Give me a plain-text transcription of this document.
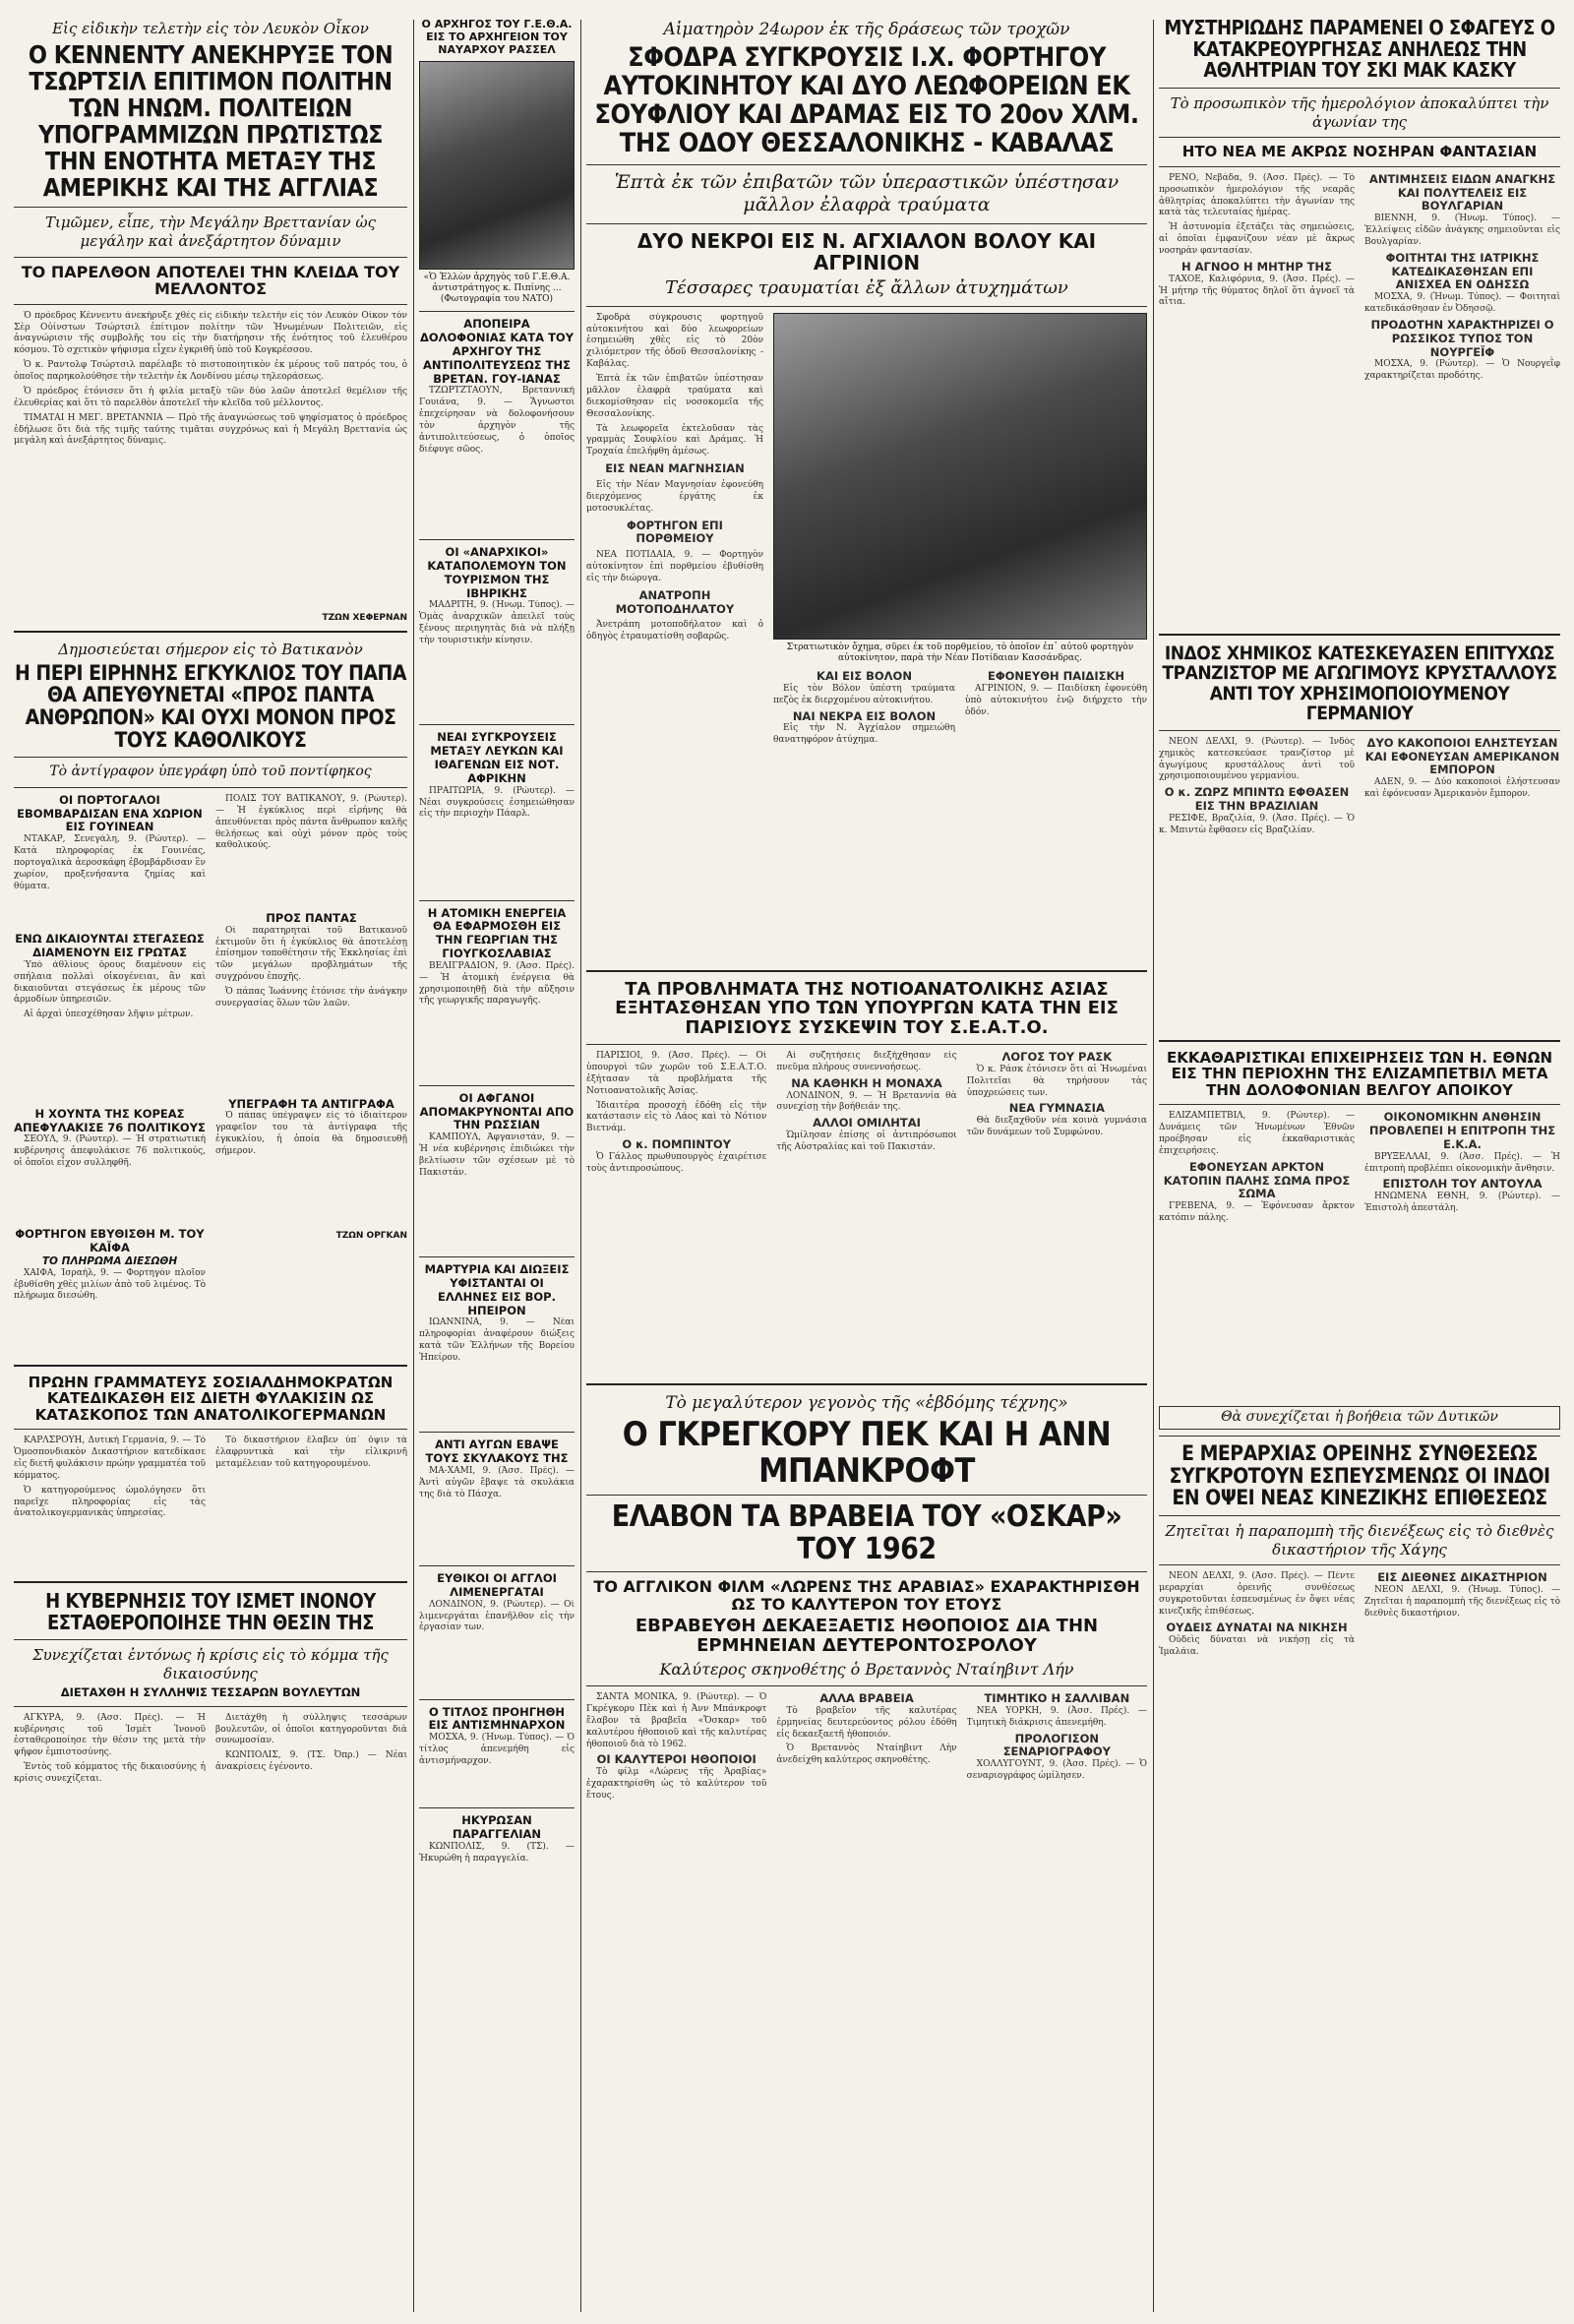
Εἰς εἰδικὴν τελετὴν εἰς τὸν Λευκὸν Οἶκον
Ο ΚΕΝΝΕΝΤΥ ΑΝΕΚΗΡΥΞΕ ΤΟΝ ΤΣΩΡΤΣΙΛ ΕΠΙΤΙΜΟΝ ΠΟΛΙΤΗΝ ΤΩΝ ΗΝΩΜ. ΠΟΛΙΤΕΙΩΝ ΥΠΟΓΡΑΜΜΙΖΩΝ ΠΡΩΤΙΣΤΩΣ ΤΗΝ ΕΝΟΤΗΤΑ ΜΕΤΑΞΥ ΤΗΣ ΑΜΕΡΙΚΗΣ ΚΑΙ ΤΗΣ ΑΓΓΛΙΑΣ
Τιμῶμεν, εἶπε, τὴν Μεγάλην Βρεττανίαν ὡς μεγάλην καὶ ἀνεξάρτητον δύναμιν
ΤΟ ΠΑΡΕΛΘΟΝ ΑΠΟΤΕΛΕΙ ΤΗΝ ΚΛΕΙΔΑ ΤΟΥ ΜΕΛΛΟΝΤΟΣ

Ὁ πρόεδρος Κέννεντυ ἀνεκήρυξε χθὲς εἰς εἰδικὴν τελετὴν εἰς τὸν Λευκὸν Οἶκον τὸν Σὲρ Οὐίνστων Τσώρτσιλ ἐπίτιμον πολίτην τῶν Ἡνωμένων Πολιτειῶν, εἰς ἀναγνώρισιν τῆς συμβολῆς του εἰς τὴν διατήρησιν τῆς ἐνότητος τοῦ ἐλευθέρου κόσμου. Τὸ σχετικὸν ψήφισμα εἶχεν ἐγκριθῆ ὑπὸ τοῦ Κογκρέσσου.

Ὁ κ. Ραντολφ Τσώρτσιλ παρέλαβε τὸ πιστοποιητικὸν ἐκ μέρους τοῦ πατρός του, ὁ ὁποῖος παρηκολούθησε τὴν τελετὴν ἐκ Λονδίνου μέσῳ τηλεοράσεως.

Ὁ πρόεδρος ἐτόνισεν ὅτι ἡ φιλία μεταξὺ τῶν δύο λαῶν ἀποτελεῖ θεμέλιον τῆς ἐλευθερίας καὶ ὅτι τὸ παρελθὸν ἀποτελεῖ τὴν κλεῖδα τοῦ μέλλοντος.

ΤΙΜΑΤΑΙ Η ΜΕΓ. ΒΡΕΤΑΝΝΙΑ — Πρὸ τῆς ἀναγνώσεως τοῦ ψηφίσματος ὁ πρόεδρος ἐδήλωσε ὅτι διὰ τῆς τιμῆς ταύτης τιμᾶται συγχρόνως καὶ ἡ Μεγάλη Βρεττανία ὡς μεγάλη καὶ ἀνεξάρτητος δύναμις.

ΤΖΩΝ ΧΕΦΕΡΝΑΝ
Δημοσιεύεται σήμερον εἰς τὸ Βατικανὸν
Η ΠΕΡΙ ΕΙΡΗΝΗΣ ΕΓΚΥΚΛΙΟΣ ΤΟΥ ΠΑΠΑ ΘΑ ΑΠΕΥΘΥΝΕΤΑΙ «ΠΡΟΣ ΠΑΝΤΑ ΑΝΘΡΩΠΟΝ» ΚΑΙ ΟΥΧΙ ΜΟΝΟΝ ΠΡΟΣ ΤΟΥΣ ΚΑΘΟΛΙΚΟΥΣ
Τὸ ἀντίγραφον ὑπεγράφη ὑπὸ τοῦ ποντίφηκος
ΟΙ ΠΟΡΤΟΓΑΛΟΙ ΕΒΟΜΒΑΡΔΙΣΑΝ ΕΝΑ ΧΩΡΙΟΝ ΕΙΣ ΓΟΥΙΝΕΑΝ

ΝΤΑΚΑΡ, Σενεγάλη, 9. (Ρώυτερ). — Κατὰ πληροφορίας ἐκ Γουινέας, πορτογαλικὰ ἀεροσκάφη ἐβομβάρδισαν ἓν χωρίον, προξενήσαντα ζημίας καὶ θύματα.

ΕΝΩ ΔΙΚΑΙΟΥΝΤΑΙ ΣΤΕΓΑΣΕΩΣ ΔΙΑΜΕΝΟΥΝ ΕΙΣ ΓΡΩΤΑΣ

Ὑπὸ ἀθλίους ὅρους διαμένουν εἰς σπήλαια πολλαὶ οἰκογένειαι, ἂν καὶ δικαιοῦνται στεγάσεως ἐκ μέρους τῶν ἁρμοδίων ὑπηρεσιῶν.

Αἱ ἀρχαὶ ὑπεσχέθησαν λῆψιν μέτρων.

Η ΧΟΥΝΤΑ ΤΗΣ ΚΟΡΕΑΣ ΑΠΕΦΥΛΑΚΙΣΕ 76 ΠΟΛΙΤΙΚΟΥΣ

ΣΕΟΥΛ, 9. (Ρώυτερ). — Ἡ στρατιωτικὴ κυβέρνησις ἀπεφυλάκισε 76 πολιτικούς, οἱ ὁποῖοι εἶχον συλληφθῆ.

ΦΟΡΤΗΓΟΝ ΕΒΥΘΙΣΘΗ Μ. ΤΟΥ ΚΑΪΦΑ
ΤΟ ΠΛΗΡΩΜΑ ΔΙΕΣΩΘΗ

ΧΑΙΦΑ, Ἰσραήλ, 9. — Φορτηγὸν πλοῖον ἐβυθίσθη χθὲς μιλίων ἀπὸ τοῦ λιμένος. Τὸ πλήρωμα διεσώθη.

ΠΟΛΙΣ ΤΟΥ ΒΑΤΙΚΑΝΟΥ, 9. (Ρώυτερ). — Ἡ ἐγκύκλιος περὶ εἰρήνης θὰ ἀπευθύνεται πρὸς πάντα ἄνθρωπον καλῆς θελήσεως καὶ οὐχὶ μόνον πρὸς τοὺς καθολικούς.

ΠΡΟΣ ΠΑΝΤΑΣ

Οἱ παρατηρηταὶ τοῦ Βατικανοῦ ἐκτιμοῦν ὅτι ἡ ἐγκύκλιος θὰ ἀποτελέσῃ ἐπίσημον τοποθέτησιν τῆς Ἐκκλησίας ἐπὶ τῶν μεγάλων προβλημάτων τῆς συγχρόνου ἐποχῆς.

Ὁ πάπας Ἰωάννης ἐτόνισε τὴν ἀνάγκην συνεργασίας ὅλων τῶν λαῶν.

ΥΠΕΓΡΑΦΗ ΤΑ ΑΝΤΙΓΡΑΦΑ

Ὁ πάπας ὑπέγραψεν εἰς τὸ ἰδιαίτερον γραφεῖον του τὰ ἀντίγραφα τῆς ἐγκυκλίου, ἡ ὁποία θὰ δημοσιευθῇ σήμερον.

ΤΖΩΝ ΟΡΓΚΑΝ
ΠΡΩΗΝ ΓΡΑΜΜΑΤΕΥΣ ΣΟΣΙΑΛΔΗΜΟΚΡΑΤΩΝ ΚΑΤΕΔΙΚΑΣΘΗ ΕΙΣ ΔΙΕΤΗ ΦΥΛΑΚΙΣΙΝ ΩΣ ΚΑΤΑΣΚΟΠΟΣ ΤΩΝ ΑΝΑΤΟΛΙΚΟΓΕΡΜΑΝΩΝ

ΚΑΡΛΣΡΟΥΗ, Δυτική Γερμανία, 9. — Τὸ Ὁμοσπονδιακὸν Δικαστήριον κατεδίκασε εἰς διετῆ φυλάκισιν πρώην γραμματέα τοῦ κόμματος.

Ὁ κατηγορούμενος ὡμολόγησεν ὅτι παρεῖχε πληροφορίας εἰς τὰς ἀνατολικογερμανικὰς ὑπηρεσίας.

Τὸ δικαστήριον ἔλαβεν ὑπ᾽ ὄψιν τὰ ἐλαφρυντικὰ καὶ τὴν εἰλικρινῆ μεταμέλειαν τοῦ κατηγορουμένου.

Η ΚΥΒΕΡΝΗΣΙΣ ΤΟΥ ΙΣΜΕΤ ΙΝΟΝΟΥ ΕΣΤΑΘΕΡΟΠΟΙΗΣΕ ΤΗΝ ΘΕΣΙΝ ΤΗΣ
Συνεχίζεται ἐντόνως ἡ κρίσις εἰς τὸ κόμμα τῆς δικαιοσύνης
ΔΙΕΤΑΧΘΗ Η ΣΥΛΛΗΨΙΣ ΤΕΣΣΑΡΩΝ ΒΟΥΛΕΥΤΩΝ

ΑΓΚΥΡΑ, 9. (Ἀσσ. Πρές). — Ἡ κυβέρνησις τοῦ Ἰσμὲτ Ἰνονοῦ ἐσταθεροποίησε τὴν θέσιν της μετὰ τὴν ψῆφον ἐμπιστοσύνης.

Ἐντὸς τοῦ κόμματος τῆς δικαιοσύνης ἡ κρίσις συνεχίζεται.

Διετάχθη ἡ σύλληψις τεσσάρων βουλευτῶν, οἱ ὁποῖοι κατηγοροῦνται διὰ συνωμοσίαν.

ΚΩΝΠΟΛΙΣ, 9. (ΤΣ. Ὀπρ.) — Νέαι ἀνακρίσεις ἐγένοντο.

Ο ΑΡΧΗΓΟΣ ΤΟΥ Γ.Ε.Θ.Α. ΕΙΣ ΤΟ ΑΡΧΗΓΕΙΟΝ ΤΟΥ ΝΑΥΑΡΧΟΥ ΡΑΣΣΕΛ
«Ὁ Ἐλλὼν ἀρχηγὸς τοῦ Γ.Ε.Θ.Α. ἀντιστράτηγος κ. Πιπίνης ... (Φωτογραφία του ΝΑΤΟ)
ΑΠΟΠΕΙΡΑ ΔΟΛΟΦΟΝΙΑΣ ΚΑΤΑ ΤΟΥ ΑΡΧΗΓΟΥ ΤΗΣ ΑΝΤΙΠΟΛΙΤΕΥΣΕΩΣ ΤΗΣ ΒΡΕΤΑΝ. ΓΟΥ-ΙΑΝΑΣ

ΤΖΩΡΤΖΤΑΟΥΝ, Βρεταννική Γουιάνα, 9. — Ἄγνωστοι ἐπεχείρησαν νὰ δολοφονήσουν τὸν ἀρχηγὸν τῆς ἀντιπολιτεύσεως, ὁ ὁποῖος διέφυγε σῶος.

ΟΙ «ΑΝΑΡΧΙΚΟΙ» ΚΑΤΑΠΟΛΕΜΟΥΝ ΤΟΝ ΤΟΥΡΙΣΜΟΝ ΤΗΣ ΙΒΗΡΙΚΗΣ

ΜΑΔΡΙΤΗ, 9. (Ἡνωμ. Τύπος). — Ὁμὰς ἀναρχικῶν ἀπειλεῖ τοὺς ξένους περιηγητὰς διὰ νὰ πλήξῃ τὴν τουριστικὴν κίνησιν.

ΝΕΑΙ ΣΥΓΚΡΟΥΣΕΙΣ ΜΕΤΑΞΥ ΛΕΥΚΩΝ ΚΑΙ ΙΘΑΓΕΝΩΝ ΕΙΣ ΝΟΤ. ΑΦΡΙΚΗΝ

ΠΡΑΙΤΩΡΙΑ, 9. (Ρώυτερ). — Νέαι συγκρούσεις ἐσημειώθησαν εἰς τὴν περιοχὴν Πάαρλ.

Η ΑΤΟΜΙΚΗ ΕΝΕΡΓΕΙΑ ΘΑ ΕΦΑΡΜΟΣΘΗ ΕΙΣ ΤΗΝ ΓΕΩΡΓΙΑΝ ΤΗΣ ΓΙΟΥΓΚΟΣΛΑΒΙΑΣ

ΒΕΛΙΓΡΑΔΙΟΝ, 9. (Ἀσσ. Πρές). — Ἡ ἀτομικὴ ἐνέργεια θὰ χρησιμοποιηθῇ διὰ τὴν αὔξησιν τῆς γεωργικῆς παραγωγῆς.

ΟΙ ΑΦΓΑΝΟΙ ΑΠΟΜΑΚΡΥΝΟΝΤΑΙ ΑΠΟ ΤΗΝ ΡΩΣΣΙΑΝ

ΚΑΜΠΟΥΛ, Ἀφγανιστάν, 9. — Ἡ νέα κυβέρνησις ἐπιδιώκει τὴν βελτίωσιν τῶν σχέσεων μὲ τὸ Πακιστάν.

ΜΑΡΤΥΡΙΑ ΚΑΙ ΔΙΩΞΕΙΣ ΥΦΙΣΤΑΝΤΑΙ ΟΙ ΕΛΛΗΝΕΣ ΕΙΣ ΒΟΡ. ΗΠΕΙΡΟΝ

ΙΩΑΝΝΙΝΑ, 9. — Νέαι πληροφορίαι ἀναφέρουν διώξεις κατὰ τῶν Ἑλλήνων τῆς Βορείου Ἠπείρου.

ΑΝΤΙ ΑΥΓΩΝ ΕΒΑΨΕ ΤΟΥΣ ΣΚΥΛΑΚΟΥΣ ΤΗΣ

ΜΑ-ΧΑΜΙ, 9. (Ἀσσ. Πρές). — Ἀντὶ αὐγῶν ἔβαψε τὰ σκυλάκια της διὰ τὸ Πάσχα.

ΕΥΘΙΚΟΙ ΟΙ ΑΓΓΛΟΙ ΛΙΜΕΝΕΡΓΑΤΑΙ

ΛΟΝΔΙΝΟΝ, 9. (Ρώυτερ). — Οἱ λιμενεργάται ἐπανῆλθον εἰς τὴν ἐργασίαν των.

Ο ΤΙΤΛΟΣ ΠΡΟΗΓΗΘΗ ΕΙΣ ΑΝΤΙΣΜΗΝΑΡΧΟΝ

ΜΟΣΧΑ, 9. (Ἡνωμ. Τύπος). — Ὁ τίτλος ἀπενεμήθη εἰς ἀντισμήναρχον.

ΗΚΥΡΩΣΑΝ ΠΑΡΑΓΓΕΛΙΑΝ

ΚΩΝΠΟΛΙΣ, 9. (ΤΣ). — Ἠκυρώθη ἡ παραγγελία.

Αἱματηρὸν 24ωρον ἐκ τῆς δράσεως τῶν τροχῶν
ΣΦΟΔΡΑ ΣΥΓΚΡΟΥΣΙΣ Ι.Χ. ΦΟΡΤΗΓΟΥ ΑΥΤΟΚΙΝΗΤΟΥ ΚΑΙ ΔΥΟ ΛΕΩΦΟΡΕΙΩΝ ΕΚ ΣΟΥΦΛΙΟΥ ΚΑΙ ΔΡΑΜΑΣ ΕΙΣ ΤΟ 20ον ΧΛΜ. ΤΗΣ ΟΔΟΥ ΘΕΣΣΑΛΟΝΙΚΗΣ - ΚΑΒΑΛΑΣ
Ἑπτὰ ἐκ τῶν ἐπιβατῶν τῶν ὑπεραστικῶν ὑπέστησαν μᾶλλον ἐλαφρὰ τραύματα
ΔΥΟ ΝΕΚΡΟΙ ΕΙΣ Ν. ΑΓΧΙΑΛΟΝ ΒΟΛΟΥ ΚΑΙ ΑΓΡΙΝΙΟΝ
Τέσσαρες τραυματίαι ἐξ ἄλλων ἀτυχημάτων

Σφοδρὰ σύγκρουσις φορτηγοῦ αὐτοκινήτου καὶ δύο λεωφορείων ἐσημειώθη χθὲς εἰς τὸ 20ὸν χιλιόμετρον τῆς ὁδοῦ Θεσσαλονίκης - Καβάλας.

Ἑπτὰ ἐκ τῶν ἐπιβατῶν ὑπέστησαν μᾶλλον ἐλαφρὰ τραύματα καὶ διεκομίσθησαν εἰς νοσοκομεῖα τῆς Θεσσαλονίκης.

Τὰ λεωφορεῖα ἐκτελοῦσαν τὰς γραμμὰς Σουφλίου καὶ Δράμας. Ἡ Τροχαία ἐπελήφθη ἀμέσως.

ΕΙΣ ΝΕΑΝ ΜΑΓΝΗΣΙΑΝ

Εἰς τὴν Νέαν Μαγνησίαν ἐφονεύθη διερχόμενος ἐργάτης ἐκ μοτοσυκλέτας.

ΦΟΡΤΗΓΟΝ ΕΠΙ ΠΟΡΘΜΕΙΟΥ

ΝΕΑ ΠΟΤΙΔΑΙΑ, 9. — Φορτηγὸν αὐτοκίνητον ἐπὶ πορθμείου ἐβυθίσθη εἰς τὴν διώρυγα.

ΑΝΑΤΡΟΠΗ ΜΟΤΟΠΟΔΗΛΑΤΟΥ

Ἀνετράπη μοτοποδήλατον καὶ ὁ ὁδηγὸς ἐτραυματίσθη σοβαρῶς.

Στρατιωτικὸν ὄχημα, σῦρει ἐκ τοῦ πορθμείου, τὸ ὁποῖον ἐπ᾽ αὐτοῦ φορτηγὸν αὐτοκίνητον, παρὰ τὴν Νέαν Ποτίδαιαν Κασσάνδρας.
ΚΑΙ ΕΙΣ ΒΟΛΟΝ

Εἰς τὸν Βόλον ὑπέστη τραύματα πεζὸς ἐκ διερχομένου αὐτοκινήτου.

ΝΑΙ ΝΕΚΡΑ ΕΙΣ ΒΟΛΟΝ

Εἰς τὴν Ν. Ἀγχίαλον σημειώθη θανατηφόρον ἀτύχημα.

ΕΦΟΝΕΥΘΗ ΠΑΙΔΙΣΚΗ

ΑΓΡΙΝΙΟΝ, 9. — Παιδίσκη ἐφονεύθη ὑπὸ αὐτοκινήτου ἐνῷ διήρχετο τὴν ὁδόν.

ΤΑ ΠΡΟΒΛΗΜΑΤΑ ΤΗΣ ΝΟΤΙΟΑΝΑΤΟΛΙΚΗΣ ΑΣΙΑΣ ΕΞΗΤΑΣΘΗΣΑΝ ΥΠΟ ΤΩΝ ΥΠΟΥΡΓΩΝ ΚΑΤΑ ΤΗΝ ΕΙΣ ΠΑΡΙΣΙΟΥΣ ΣΥΣΚΕΨΙΝ ΤΟΥ Σ.Ε.Α.Τ.Ο.

ΠΑΡΙΣΙΟΙ, 9. (Ἀσσ. Πρές). — Οἱ ὑπουργοὶ τῶν χωρῶν τοῦ Σ.Ε.Α.Τ.Ο. ἐξήτασαν τὰ προβλήματα τῆς Νοτιοανατολικῆς Ἀσίας.

Ἰδιαιτέρα προσοχὴ ἐδόθη εἰς τὴν κατάστασιν εἰς τὸ Λάος καὶ τὸ Νότιον Βιετνάμ.

Ο κ. ΠΟΜΠΙΝΤΟΥ

Ὁ Γάλλος πρωθυπουργὸς ἐχαιρέτισε τοὺς ἀντιπροσώπους.

Αἱ συζητήσεις διεξήχθησαν εἰς πνεῦμα πλήρους συνεννοήσεως.

ΝΑ ΚΑΘΗΚΗ Η ΜΟΝΑΧΑ

ΛΟΝΔΙΝΟΝ, 9. — Ἡ Βρεταννία θὰ συνεχίσῃ τὴν βοήθειάν της.

ΑΛΛΟΙ ΟΜΙΛΗΤΑΙ

Ὡμίλησαν ἐπίσης οἱ ἀντιπρόσωποι τῆς Αὐστραλίας καὶ τοῦ Πακιστάν.

ΛΟΓΟΣ ΤΟΥ ΡΑΣΚ

Ὁ κ. Ράσκ ἐτόνισεν ὅτι αἱ Ἡνωμέναι Πολιτεῖαι θὰ τηρήσουν τὰς ὑποχρεώσεις των.

ΝΕΑ ΓΥΜΝΑΣΙΑ

Θὰ διεξαχθοῦν νέα κοινὰ γυμνάσια τῶν δυνάμεων τοῦ Συμφώνου.

Τὸ μεγαλύτερον γεγονὸς τῆς «ἑβδόμης τέχνης»
Ο ΓΚΡΕΓΚΟΡΥ ΠΕΚ ΚΑΙ Η ΑΝΝ ΜΠΑΝΚΡΟΦΤ
ΕΛΑΒΟΝ ΤΑ ΒΡΑΒΕΙΑ ΤΟΥ «ΟΣΚΑΡ» ΤΟΥ 1962
ΤΟ ΑΓΓΛΙΚΟΝ ΦΙΛΜ «ΛΩΡΕΝΣ ΤΗΣ ΑΡΑΒΙΑΣ» ΕΧΑΡΑΚΤΗΡΙΣΘΗ ΩΣ ΤΟ ΚΑΛΥΤΕΡΟΝ ΤΟΥ ΕΤΟΥΣ
ΕΒΡΑΒΕΥΘΗ ΔΕΚΑΕΞΑΕΤΙΣ ΗΘΟΠΟΙΟΣ ΔΙΑ ΤΗΝ ΕΡΜΗΝΕΙΑΝ ΔΕΥΤΕΡΟΝΤΟΣΡΟΛΟΥ
Καλύτερος σκηνοθέτης ὁ Βρεταννὸς Νταίηβιντ Λήν

ΣΑΝΤΑ ΜΟΝΙΚΑ, 9. (Ρώυτερ). — Ὁ Γκρέγκορυ Πὲκ καὶ ἡ Ἀνν Μπάνκροφτ ἔλαβον τὰ βραβεῖα «Ὄσκαρ» τοῦ καλυτέρου ἠθοποιοῦ καὶ τῆς καλυτέρας ἠθοποιοῦ διὰ τὸ 1962.

ΟΙ ΚΑΛΥΤΕΡΟΙ ΗΘΟΠΟΙΟΙ

Τὸ φίλμ «Λώρενς τῆς Ἀραβίας» ἐχαρακτηρίσθη ὡς τὸ καλύτερον τοῦ ἔτους.

ΑΛΛΑ ΒΡΑΒΕΙΑ

Τὸ βραβεῖον τῆς καλυτέρας ἐρμηνείας δευτερεύοντος ρόλου ἐδόθη εἰς δεκαεξαετῆ ἠθοποιόν.

Ὁ Βρεταννὸς Νταίηβιντ Λὴν ἀνεδείχθη καλύτερος σκηνοθέτης.

ΤΙΜΗΤΙΚΟ Η ΣΑΛΛΙΒΑΝ

ΝΕΑ ΥΟΡΚΗ, 9. (Ἀσσ. Πρές). — Τιμητικὴ διάκρισις ἀπενεμήθη.

ΠΡΟΛΟΓΙΣΟΝ ΣΕΝΑΡΙΟΓΡΑΦΟΥ

ΧΟΛΛΥΓΟΥΝΤ, 9. (Ἀσσ. Πρές). — Ὁ σεναριογράφος ὡμίλησεν.

ΜΥΣΤΗΡΙΩΔΗΣ ΠΑΡΑΜΕΝΕΙ Ο ΣΦΑΓΕΥΣ Ο ΚΑΤΑΚΡΕΟΥΡΓΗΣΑΣ ΑΝΗΛΕΩΣ ΤΗΝ ΑΘΛΗΤΡΙΑΝ ΤΟΥ ΣΚΙ ΜΑΚ ΚΑΣΚΥ
Τὸ προσωπικὸν τῆς ἡμερολόγιον ἀποκαλύπτει τὴν ἀγωνίαν της
ΗΤΟ ΝΕΑ ΜΕ ΑΚΡΩΣ ΝΟΣΗΡΑΝ ΦΑΝΤΑΣΙΑΝ

ΡΕΝΟ, Νεβάδα, 9. (Ἀσσ. Πρές). — Τὸ προσωπικὸν ἡμερολόγιον τῆς νεαρᾶς ἀθλητρίας ἀποκαλύπτει τὴν ἀγωνίαν της κατὰ τὰς τελευταίας ἡμέρας.

Ἡ ἀστυνομία ἐξετάζει τὰς σημειώσεις, αἱ ὁποῖαι ἐμφανίζουν νέαν μὲ ἄκρως νοσηρὰν φαντασίαν.

Η ΑΓΝΟΟ Η ΜΗΤΗΡ ΤΗΣ

ΤΑΧΟΕ, Καλιφόρνια, 9. (Ἀσσ. Πρές). — Ἡ μήτηρ τῆς θύματος δηλοῖ ὅτι ἀγνοεῖ τὰ αἴτια.

ΑΝΤΙΜΗΣΕΙΣ ΕΙΔΩΝ ΑΝΑΓΚΗΣ ΚΑΙ ΠΟΛΥΤΕΛΕΙΣ ΕΙΣ ΒΟΥΛΓΑΡΙΑΝ

ΒΙΕΝΝΗ, 9. (Ἡνωμ. Τύπος). — Ἐλλείψεις εἰδῶν ἀνάγκης σημειοῦνται εἰς Βουλγαρίαν.

ΦΟΙΤΗΤΑΙ ΤΗΣ ΙΑΤΡΙΚΗΣ ΚΑΤΕΔΙΚΑΣΘΗΣΑΝ ΕΠΙ ΑΝΙΣΧΕΑ ΕΝ ΟΔΗΣΣΩ

ΜΟΣΧΑ, 9. (Ἡνωμ. Τύπος). — Φοιτηταὶ κατεδικάσθησαν ἐν Ὀδησσῷ.

ΠΡΟΔΟΤΗΝ ΧΑΡΑΚΤΗΡΙΖΕΙ Ο ΡΩΣΣΙΚΟΣ ΤΥΠΟΣ ΤΟΝ ΝΟΥΡΓΕΪΦ

ΜΟΣΧΑ, 9. (Ρώυτερ). — Ὁ Νουργεῒφ χαρακτηρίζεται προδότης.

ΙΝΔΟΣ ΧΗΜΙΚΟΣ ΚΑΤΕΣΚΕΥΑΣΕΝ ΕΠΙΤΥΧΩΣ ΤΡΑΝΖΙΣΤΟΡ ΜΕ ΑΓΩΓΙΜΟΥΣ ΚΡΥΣΤΑΛΛΟΥΣ ΑΝΤΙ ΤΟΥ ΧΡΗΣΙΜΟΠΟΙΟΥΜΕΝΟΥ ΓΕΡΜΑΝΙΟΥ

ΝΕΟΝ ΔΕΛΧΙ, 9. (Ρώυτερ). — Ἰνδὸς χημικὸς κατεσκεύασε τρανζίστορ μὲ ἀγωγίμους κρυστάλλους ἀντὶ τοῦ χρησιμοποιουμένου γερμανίου.

Ο κ. ΖΩΡΖ ΜΠΙΝΤΩ ΕΦΘΑΣΕΝ ΕΙΣ ΤΗΝ ΒΡΑΖΙΛΙΑΝ

ΡΕΣΙΦΕ, Βραζιλία, 9. (Ἀσσ. Πρές). — Ὁ κ. Μπιντὼ ἔφθασεν εἰς Βραζιλίαν.

ΔΥΟ ΚΑΚΟΠΟΙΟΙ ΕΛΗΣΤΕΥΣΑΝ ΚΑΙ ΕΦΟΝΕΥΣΑΝ ΑΜΕΡΙΚΑΝΟΝ ΕΜΠΟΡΟΝ

ΑΔΕΝ, 9. — Δύο κακοποιοὶ ἐλήστευσαν καὶ ἐφόνευσαν Ἀμερικανὸν ἔμπορον.

ΕΚΚΑΘΑΡΙΣΤΙΚΑΙ ΕΠΙΧΕΙΡΗΣΕΙΣ ΤΩΝ Η. ΕΘΝΩΝ ΕΙΣ ΤΗΝ ΠΕΡΙΟΧΗΝ ΤΗΣ ΕΛΙΖΑΜΠΕΤΒΙΛ ΜΕΤΑ ΤΗΝ ΔΟΛΟΦΟΝΙΑΝ ΒΕΛΓΟΥ ΑΠΟΙΚΟΥ

ΕΛΙΖΑΜΠΕΤΒΙΛ, 9. (Ρώυτερ). — Δυνάμεις τῶν Ἡνωμένων Ἐθνῶν προέβησαν εἰς ἐκκαθαριστικὰς ἐπιχειρήσεις.

ΕΦΟΝΕΥΣΑΝ ΑΡΚΤΟΝ ΚΑΤΟΠΙΝ ΠΑΛΗΣ ΣΩΜΑ ΠΡΟΣ ΣΩΜΑ

ΓΡΕΒΕΝΑ, 9. — Ἐφόνευσαν ἄρκτον κατόπιν πάλης.

ΟΙΚΟΝΟΜΙΚΗΝ ΑΝΘΗΣΙΝ ΠΡΟΒΛΕΠΕΙ Η ΕΠΙΤΡΟΠΗ ΤΗΣ Ε.Κ.Α.

ΒΡΥΞΕΛΛΑΙ, 9. (Ἀσσ. Πρές). — Ἡ ἐπιτροπὴ προβλέπει οἰκονομικὴν ἄνθησιν.

ΕΠΙΣΤΟΛΗ ΤΟΥ ΑΝΤΟΥΛΑ

ΗΝΩΜΕΝΑ ΕΘΝΗ, 9. (Ρώυτερ). — Ἐπιστολὴ ἀπεστάλη.

Θὰ συνεχίζεται ἡ βοήθεια τῶν Δυτικῶν
Ε ΜΕΡΑΡΧΙΑΣ ΟΡΕΙΝΗΣ ΣΥΝΘΕΣΕΩΣ ΣΥΓΚΡΟΤΟΥΝ ΕΣΠΕΥΣΜΕΝΩΣ ΟΙ ΙΝΔΟΙ ΕΝ ΟΨΕΙ ΝΕΑΣ ΚΙΝΕΖΙΚΗΣ ΕΠΙΘΕΣΕΩΣ
Ζητεῖται ἡ παραπομπὴ τῆς διενέξεως εἰς τὸ διεθνὲς δικαστήριον τῆς Χάγης

ΝΕΟΝ ΔΕΛΧΙ, 9. (Ἀσσ. Πρές). — Πέντε μεραρχίαι ὀρεινῆς συνθέσεως συγκροτοῦνται ἐσπευσμένως ἐν ὄψει νέας κινεζικῆς ἐπιθέσεως.

ΟΥΔΕΙΣ ΔΥΝΑΤΑΙ ΝΑ ΝΙΚΗΣΗ

Οὐδεὶς δύναται νὰ νικήσῃ εἰς τὰ Ἱμαλάια.

ΕΙΣ ΔΙΕΘΝΕΣ ΔΙΚΑΣΤΗΡΙΟΝ

ΝΕΟΝ ΔΕΛΧΙ, 9. (Ἡνωμ. Τύπος). — Ζητεῖται ἡ παραπομπὴ τῆς διενέξεως εἰς τὸ διεθνὲς δικαστήριον.
